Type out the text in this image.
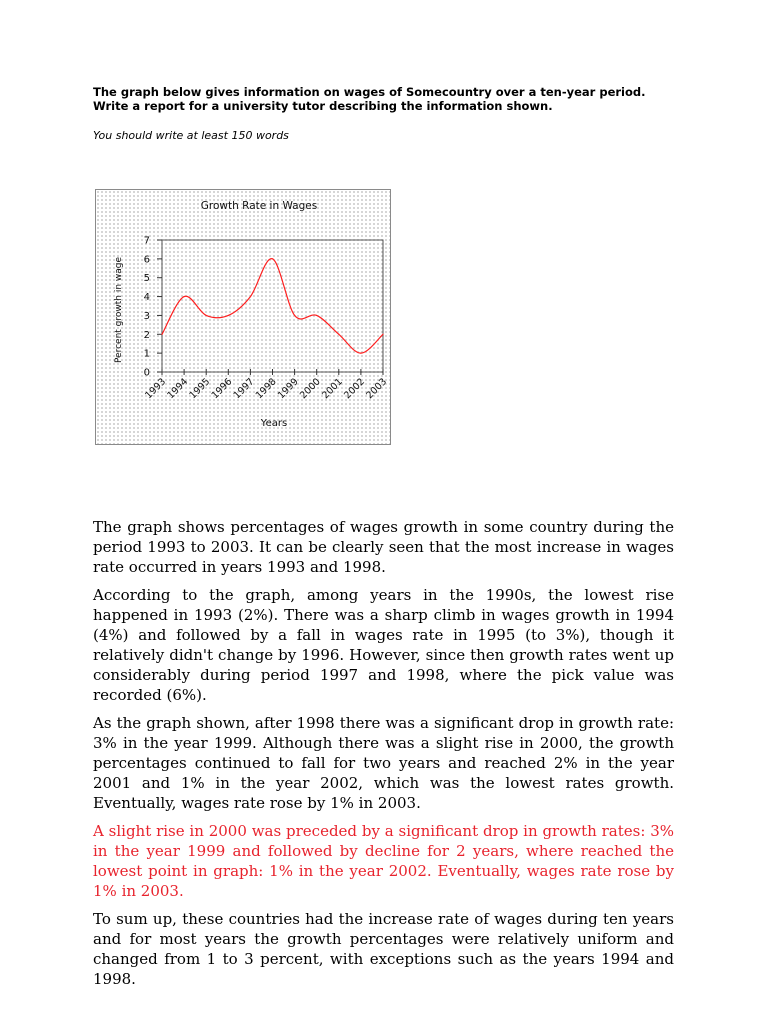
The graph below gives information on wages of Somecountry over a ten-year period.
Write a report for a university tutor describing the information shown.
You should write at least 150 words
Growth Rate in Wages
Percent growth in wage
Years
0
1
2
3
4
5
6
7
1993
1994
1995
1996
1997
1998
1999
2000
2001
2002
2003

The graph shows percentages of wages growth in some country during the period 1993 to 2003. It can be clearly seen that the most increase in wages rate occurred in years 1993 and 1998.

According to the graph, among years in the 1990s, the lowest rise happened in 1993 (2%). There was a sharp climb in wages growth in 1994 (4%) and followed by a fall in wages rate in 1995 (to 3%), though it relatively didn't change by 1996. However, since then growth rates went up considerably during period 1997 and 1998, where the pick value was recorded (6%).

As the graph shown, after 1998 there was a significant drop in growth rate: 3% in the year 1999. Although there was a slight rise in 2000, the growth percentages continued to fall for two years and reached 2% in the year 2001 and 1% in the year 2002, which was the lowest rates growth. Eventually, wages rate rose by 1% in 2003.

A slight rise in 2000 was preceded by a significant drop in growth rates: 3% in the year 1999 and followed by decline for 2 years, where reached the lowest point in graph: 1% in the year 2002. Eventually, wages rate rose by 1% in 2003.

To sum up, these countries had the increase rate of wages during ten years and for most years the growth percentages were relatively uniform and changed from 1 to 3 percent, with exceptions such as the years 1994 and 1998.
